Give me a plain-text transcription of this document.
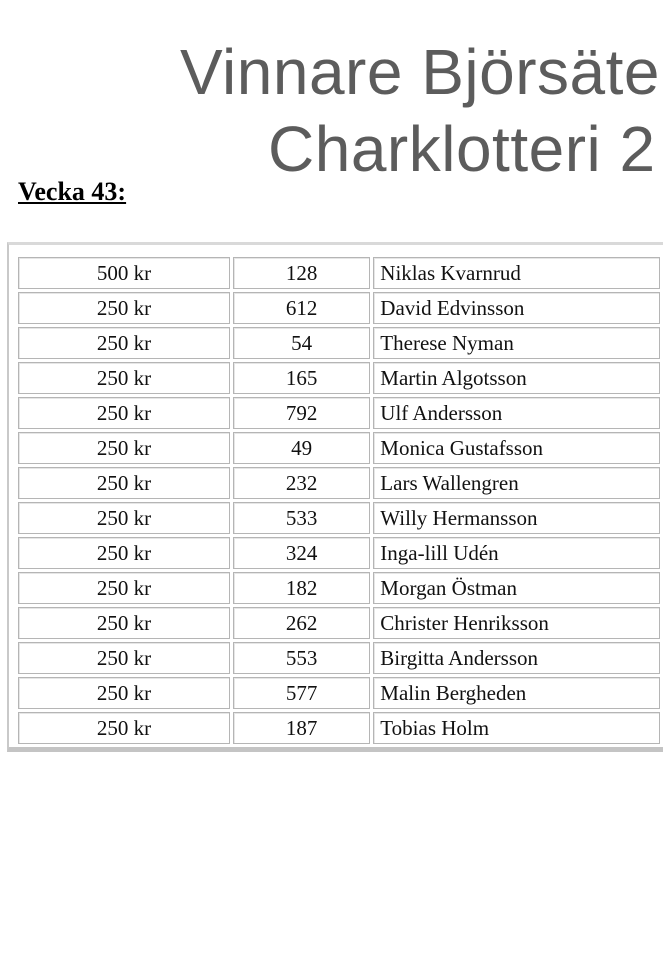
Vinnare Björsäte
Charklotteri 2
Vecka 43:
500 kr	128	Niklas Kvarnrud
250 kr	612	David Edvinsson
250 kr	54	Therese Nyman
250 kr	165	Martin Algotsson
250 kr	792	Ulf Andersson
250 kr	49	Monica Gustafsson
250 kr	232	Lars Wallengren
250 kr	533	Willy Hermansson
250 kr	324	Inga-lill Udén
250 kr	182	Morgan Östman
250 kr	262	Christer Henriksson
250 kr	553	Birgitta Andersson
250 kr	577	Malin Bergheden
250 kr	187	Tobias Holm
